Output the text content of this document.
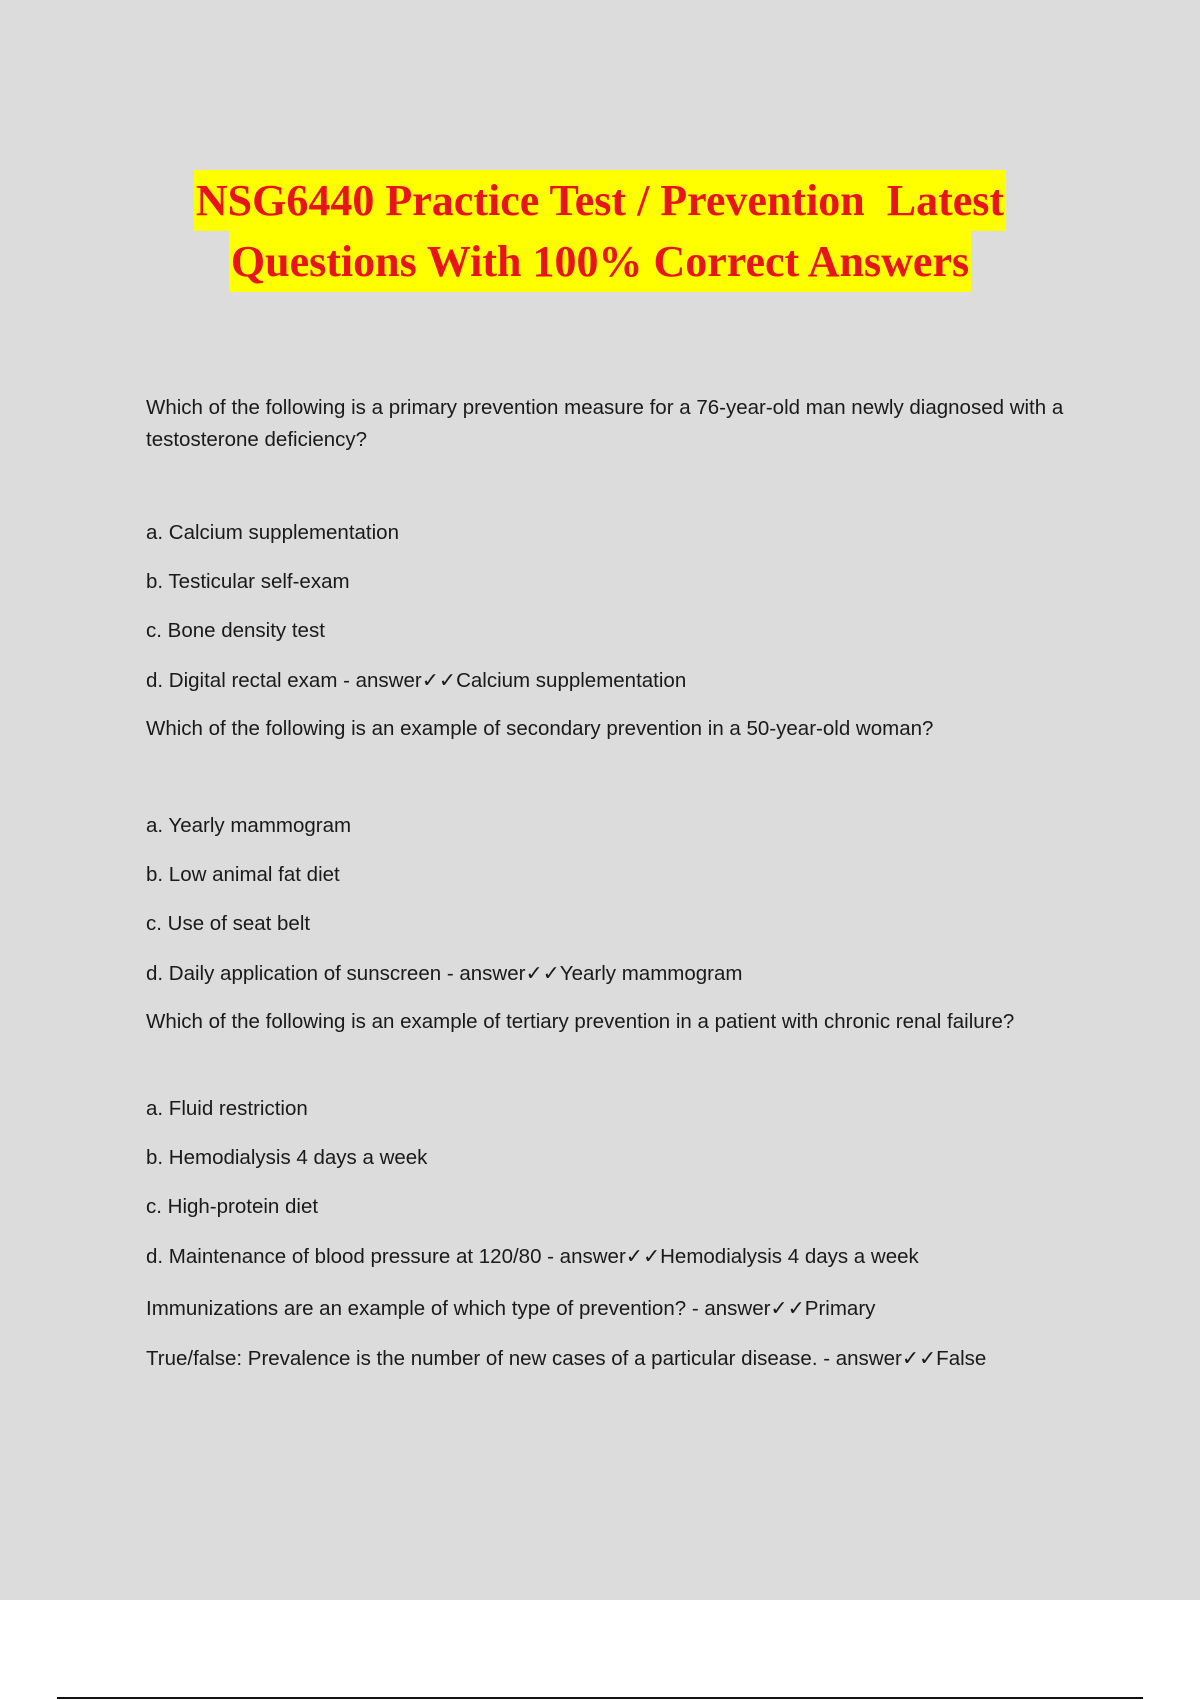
NSG6440 Practice Test / Prevention  Latest
Questions With 100% Correct Answers

Which of the following is a primary prevention measure for a 76-year-old man newly diagnosed with a testosterone deficiency?

a. Calcium supplementation

b. Testicular self-exam

c. Bone density test

d. Digital rectal exam - answer✓✓Calcium supplementation

Which of the following is an example of secondary prevention in a 50-year-old woman?

a. Yearly mammogram

b. Low animal fat diet

c. Use of seat belt

d. Daily application of sunscreen - answer✓✓Yearly mammogram

Which of the following is an example of tertiary prevention in a patient with chronic renal failure?

a. Fluid restriction

b. Hemodialysis 4 days a week

c. High-protein diet

d. Maintenance of blood pressure at 120/80 - answer✓✓Hemodialysis 4 days a week

Immunizations are an example of which type of prevention? - answer✓✓Primary

True/false: Prevalence is the number of new cases of a particular disease. - answer✓✓False
